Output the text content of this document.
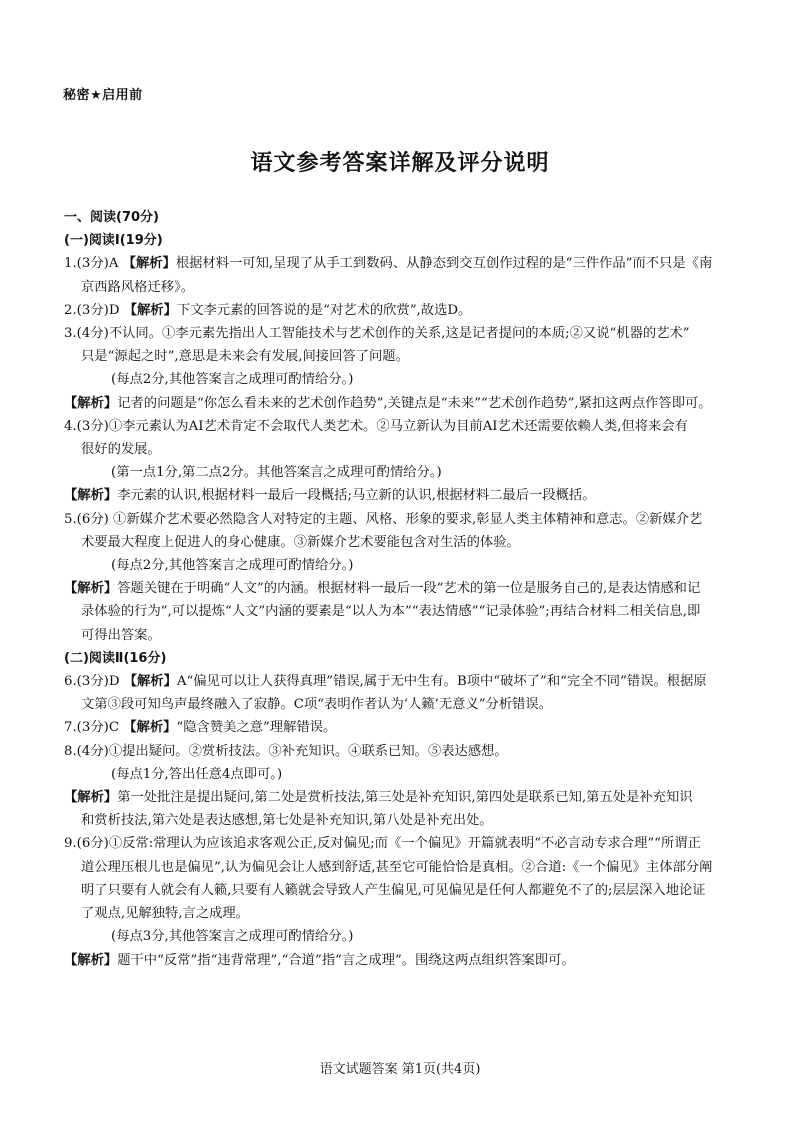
秘密★启用前
语文参考答案详解及评分说明
一、阅读(70分)
(一)阅读Ⅰ(19分)
1.(3分)A 【解析】根据材料一可知,呈现了从手工到数码、从静态到交互创作过程的是“三件作品”而不只是《南
京西路风格迁移》。
2.(3分)D 【解析】下文李元素的回答说的是“对艺术的欣赏”,故选D。
3.(4分)不认同。①李元素先指出人工智能技术与艺术创作的关系,这是记者提问的本质;②又说“机器的艺术”
只是“源起之时”,意思是未来会有发展,间接回答了问题。
(每点2分,其他答案言之成理可酌情给分。)
【解析】记者的问题是“你怎么看未来的艺术创作趋势”,关键点是“未来”“艺术创作趋势”,紧扣这两点作答即可。
4.(3分)①李元素认为AI艺术肯定不会取代人类艺术。②马立新认为目前AI艺术还需要依赖人类,但将来会有
很好的发展。
(第一点1分,第二点2分。其他答案言之成理可酌情给分。)
【解析】李元素的认识,根据材料一最后一段概括;马立新的认识,根据材料二最后一段概括。
5.(6分) ①新媒介艺术要必然隐含人对特定的主题、风格、形象的要求,彰显人类主体精神和意志。②新媒介艺
术要最大程度上促进人的身心健康。③新媒介艺术要能包含对生活的体验。
(每点2分,其他答案言之成理可酌情给分。)
【解析】答题关键在于明确“人文”的内涵。根据材料一最后一段“艺术的第一位是服务自己的,是表达情感和记
录体验的行为”,可以提炼“人文”内涵的要素是“以人为本”“表达情感”“记录体验”;再结合材料二相关信息,即
可得出答案。
(二)阅读Ⅱ(16分)
6.(3分)D 【解析】A“偏见可以让人获得真理”错误,属于无中生有。B项中“破坏了”和“完全不同”错误。根据原
文第③段可知鸟声最终融入了寂静。C项“表明作者认为‘人籁’无意义”分析错误。
7.(3分)C 【解析】“隐含赞美之意”理解错误。
8.(4分)①提出疑问。②赏析技法。③补充知识。④联系已知。⑤表达感想。
(每点1分,答出任意4点即可。)
【解析】第一处批注是提出疑问,第二处是赏析技法,第三处是补充知识,第四处是联系已知,第五处是补充知识
和赏析技法,第六处是表达感想,第七处是补充知识,第八处是补充出处。
9.(6分)①反常:常理认为应该追求客观公正,反对偏见;而《一个偏见》开篇就表明“不必言动专求合理”“所谓正
道公理压根儿也是偏见”,认为偏见会让人感到舒适,甚至它可能恰恰是真相。②合道:《一个偏见》主体部分阐
明了只要有人就会有人籁,只要有人籁就会导致人产生偏见,可见偏见是任何人都避免不了的;层层深入地论证
了观点,见解独特,言之成理。
(每点3分,其他答案言之成理可酌情给分。)
【解析】题干中“反常”指“违背常理”,“合道”指“言之成理”。围绕这两点组织答案即可。
语文试题答案 第1页(共4页)
